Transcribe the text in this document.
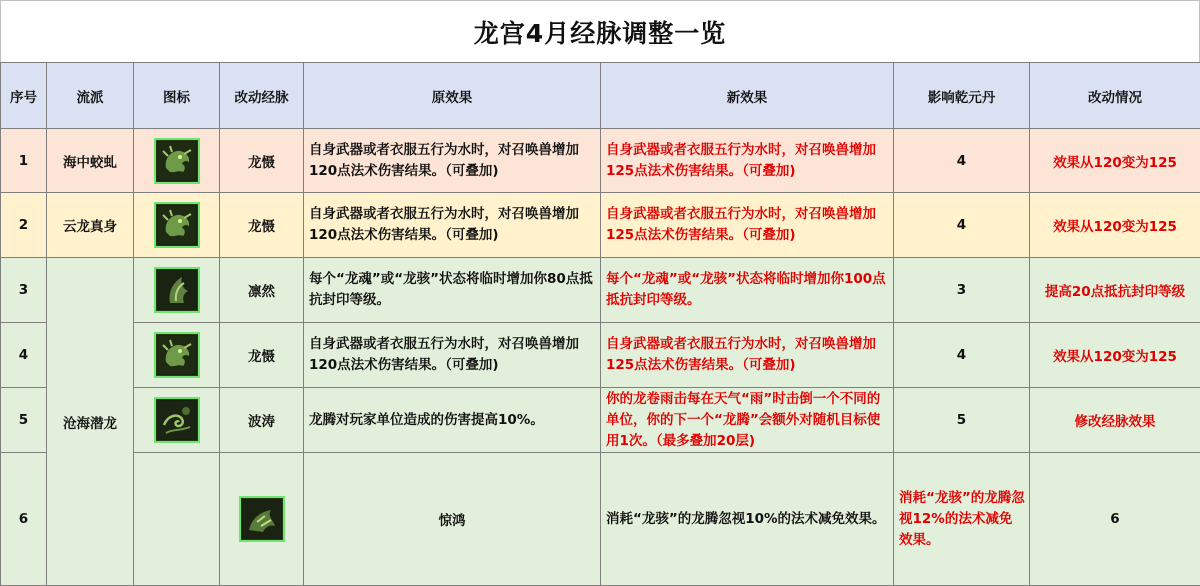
龙宫4月经脉调整一览
序号	流派	图标	改动经脉	原效果	新效果	影响乾元丹	改动情况	
1	海中蛟虬		龙慑	自身武器或者衣服五行为水时，对召唤兽增加120点法术伤害结果。（可叠加)	自身武器或者衣服五行为水时，对召唤兽增加125点法术伤害结果。（可叠加)	4	效果从120变为125	
2	云龙真身		龙慑	自身武器或者衣服五行为水时，对召唤兽增加120点法术伤害结果。（可叠加)	自身武器或者衣服五行为水时，对召唤兽增加125点法术伤害结果。（可叠加)	4	效果从120变为125	
3	沧海潜龙		凛然	每个“龙魂”或“龙骇”状态将临时增加你80点抵抗封印等级。	每个“龙魂”或“龙骇”状态将临时增加你100点抵抗封印等级。	3	提高20点抵抗封印等级	
4			龙慑	自身武器或者衣服五行为水时，对召唤兽增加120点法术伤害结果。（可叠加)	自身武器或者衣服五行为水时，对召唤兽增加125点法术伤害结果。（可叠加)	4	效果从120变为125	
5			波涛	龙腾对玩家单位造成的伤害提高10%。	你的龙卷雨击每在天气“雨”时击倒一个不同的单位，你的下一个“龙腾”会额外对随机目标使用1次。（最多叠加20层)	5	修改经脉效果	
6				惊鸿	消耗“龙骇”的龙腾忽视10%的法术减免效果。	消耗“龙骇”的龙腾忽视12%的法术减免效果。	6	
